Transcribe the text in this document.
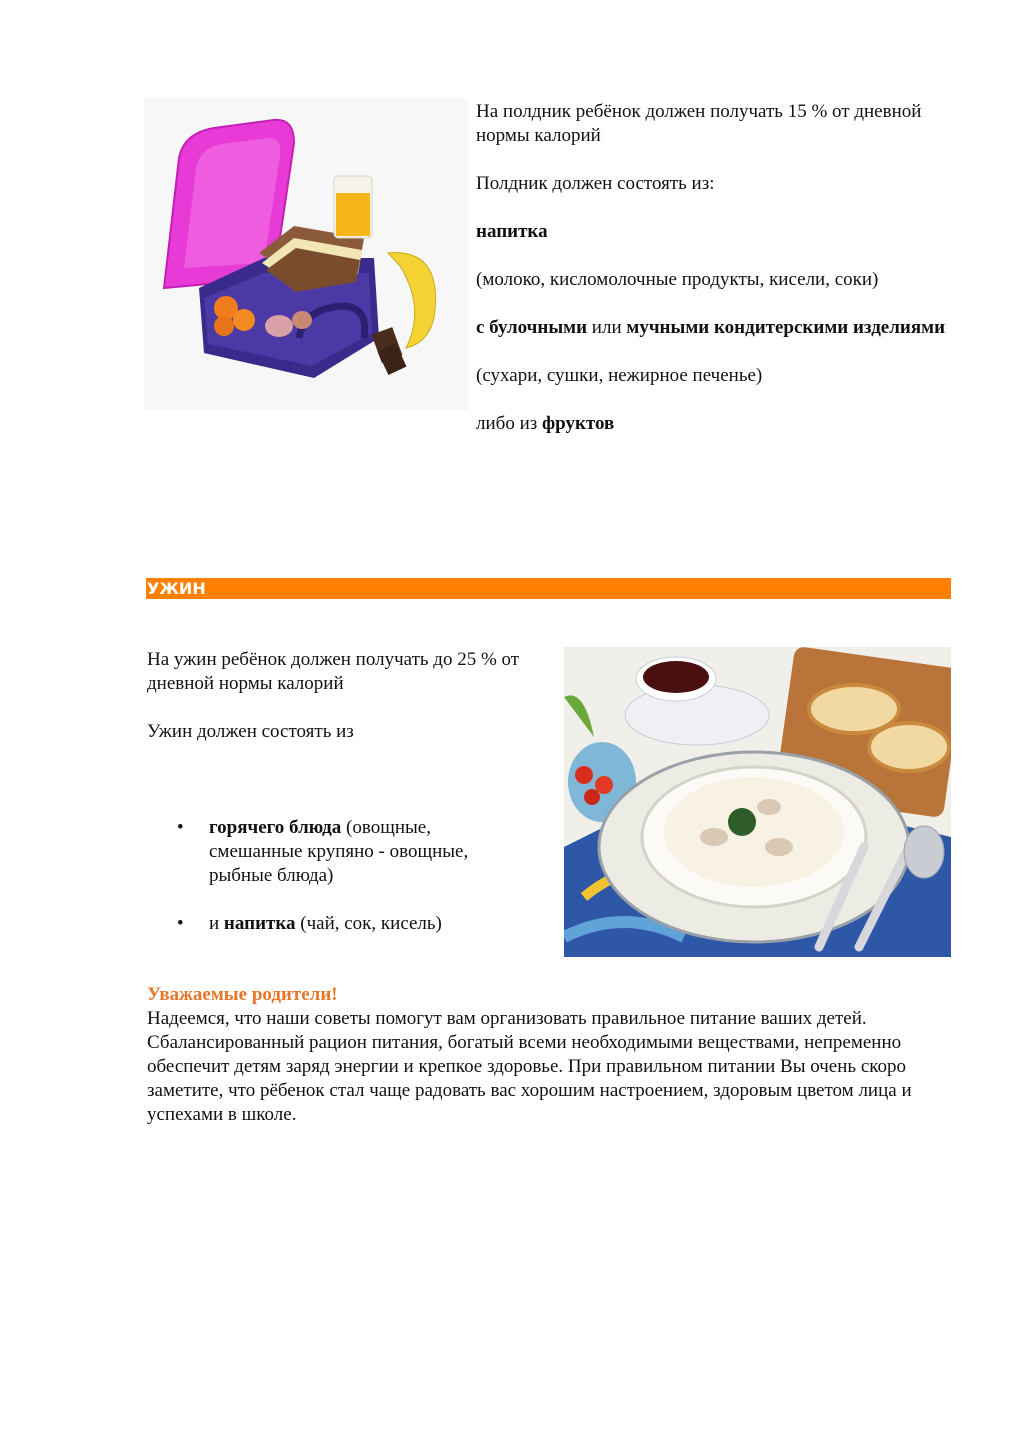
На полдник ребёнок должен получать 15 % от дневной нормы калорий

Полдник должен состоять из:

напитка

(молоко, кисломолочные продукты, кисели, соки)

с булочными или мучными кондитерскими изделиями

(сухари, сушки, нежирное печенье)

либо из фруктов

УЖИН

На ужин ребёнок должен получать до 25 % от дневной нормы калорий

Ужин должен состоять из

• горячего блюда (овощные, смешанные крупяно - овощные, рыбные блюда)
• и напитка (чай, сок, кисель)
Уважаемые родители!

Надеемся, что наши советы помогут вам организовать правильное питание ваших детей. Сбалансированный рацион питания, богатый всеми необходимыми веществами, непременно обеспечит детям заряд энергии и крепкое здоровье. При правильном питании Вы очень скоро заметите, что рёбенок стал чаще радовать вас хорошим настроением, здоровым цветом лица и успехами в школе.
